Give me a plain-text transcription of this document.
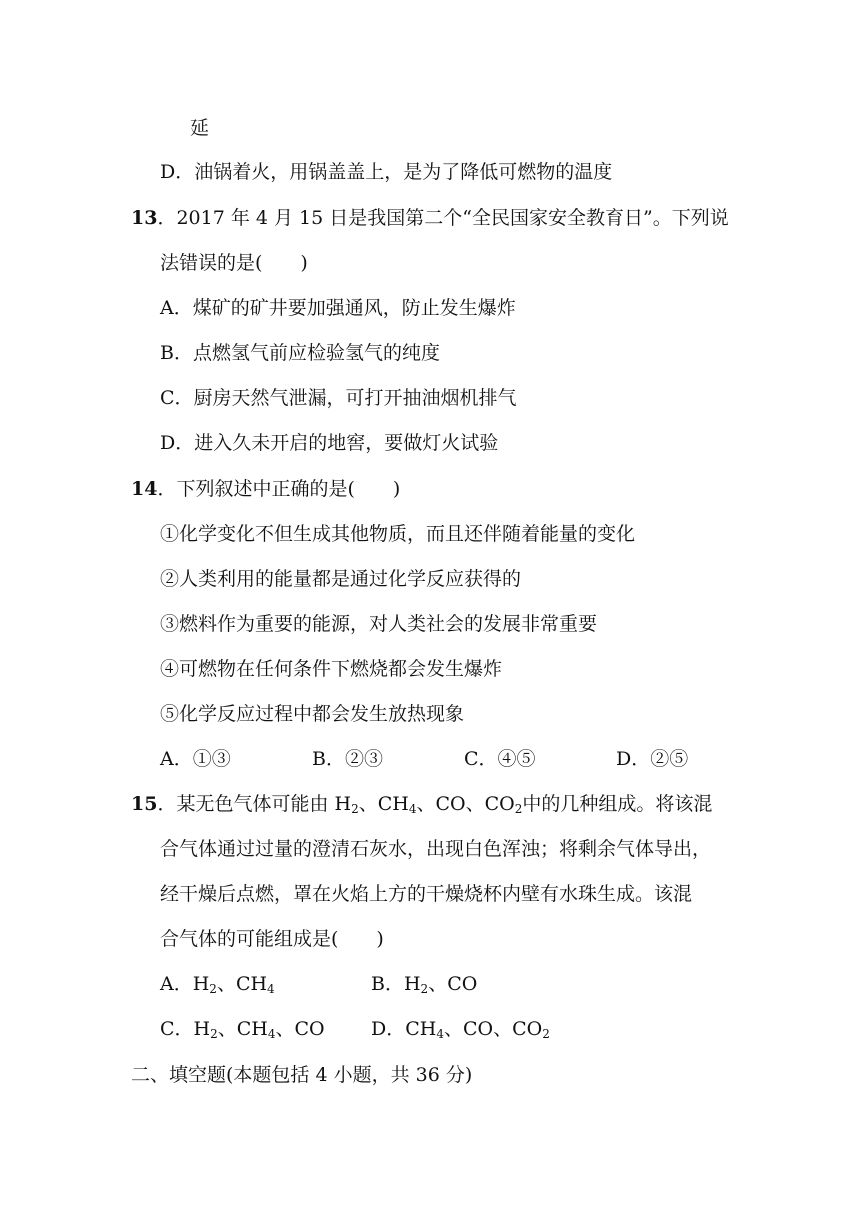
延
D．油锅着火，用锅盖盖上，是为了降低可燃物的温度
13．2017 年 4 月 15 日是我国第二个“全民国家安全教育日”。下列说
法错误的是(　　)
A．煤矿的矿井要加强通风，防止发生爆炸
B．点燃氢气前应检验氢气的纯度
C．厨房天然气泄漏，可打开抽油烟机排气
D．进入久未开启的地窖，要做灯火试验
14．下列叙述中正确的是(　　)
①化学变化不但生成其他物质，而且还伴随着能量的变化
②人类利用的能量都是通过化学反应获得的
③燃料作为重要的能源，对人类社会的发展非常重要
④可燃物在任何条件下燃烧都会发生爆炸
⑤化学反应过程中都会发生放热现象
A．①③	B．②③	C．④⑤	D．②⑤
15．某无色气体可能由 $H_2$、$CH_4$、CO、$CO_2$中的几种组成。将该混
合气体通过过量的澄清石灰水，出现白色浑浊；将剩余气体导出，
经干燥后点燃，罩在火焰上方的干燥烧杯内壁有水珠生成。该混
合气体的可能组成是(　　)
A．$H_2$、$CH_4$	B．$H_2$、CO
C．$H_2$、$CH_4$、CO D．$CH_4$、CO、$CO_2$
二、填空题(本题包括 4 小题，共 36 分)
